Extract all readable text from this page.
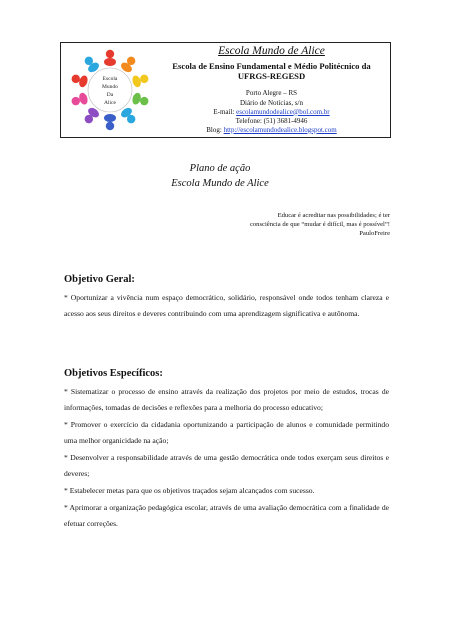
Escola
Mundo
Da
Alice
Escola Mundo de Alice
Escola de Ensino Fundamental e Médio Politécnico da
UFRGS-REGESD
Porto Alegre – RS
Diário de Notícias, s/n
E-mail: escolamundodealice@bol.com.br
Telefone: (51) 3681-4946
Blog: http://escolamundodealice.blogspot.com
Plano de ação
Escola Mundo de Alice
Educar é acreditar nas possibilidades; é ter
consciência de que “mudar é difícil, mas é possível”!
PauloFreire
Objetivo Geral:

* Oportunizar a vivência num espaço democrático, solidário, responsável onde todos tenham clareza e acesso aos seus direitos e deveres contribuindo com uma aprendizagem significativa e autônoma.

Objetivos Específicos:

* Sistematizar o processo de ensino através da realização dos projetos por meio de estudos, trocas de informações, tomadas de decisões e reflexões para a melhoria do processo educativo;

* Promover o exercício da cidadania oportunizando a participação de alunos e comunidade permitindo uma melhor organicidade na ação;

* Desenvolver a responsabilidade através de uma gestão democrática onde todos exerçam seus direitos e deveres;

* Estabelecer metas para que os objetivos traçados sejam alcançados com sucesso.

* Aprimorar a organização pedagógica escolar, através de uma avaliação democrática com a finalidade de efetuar correções.
